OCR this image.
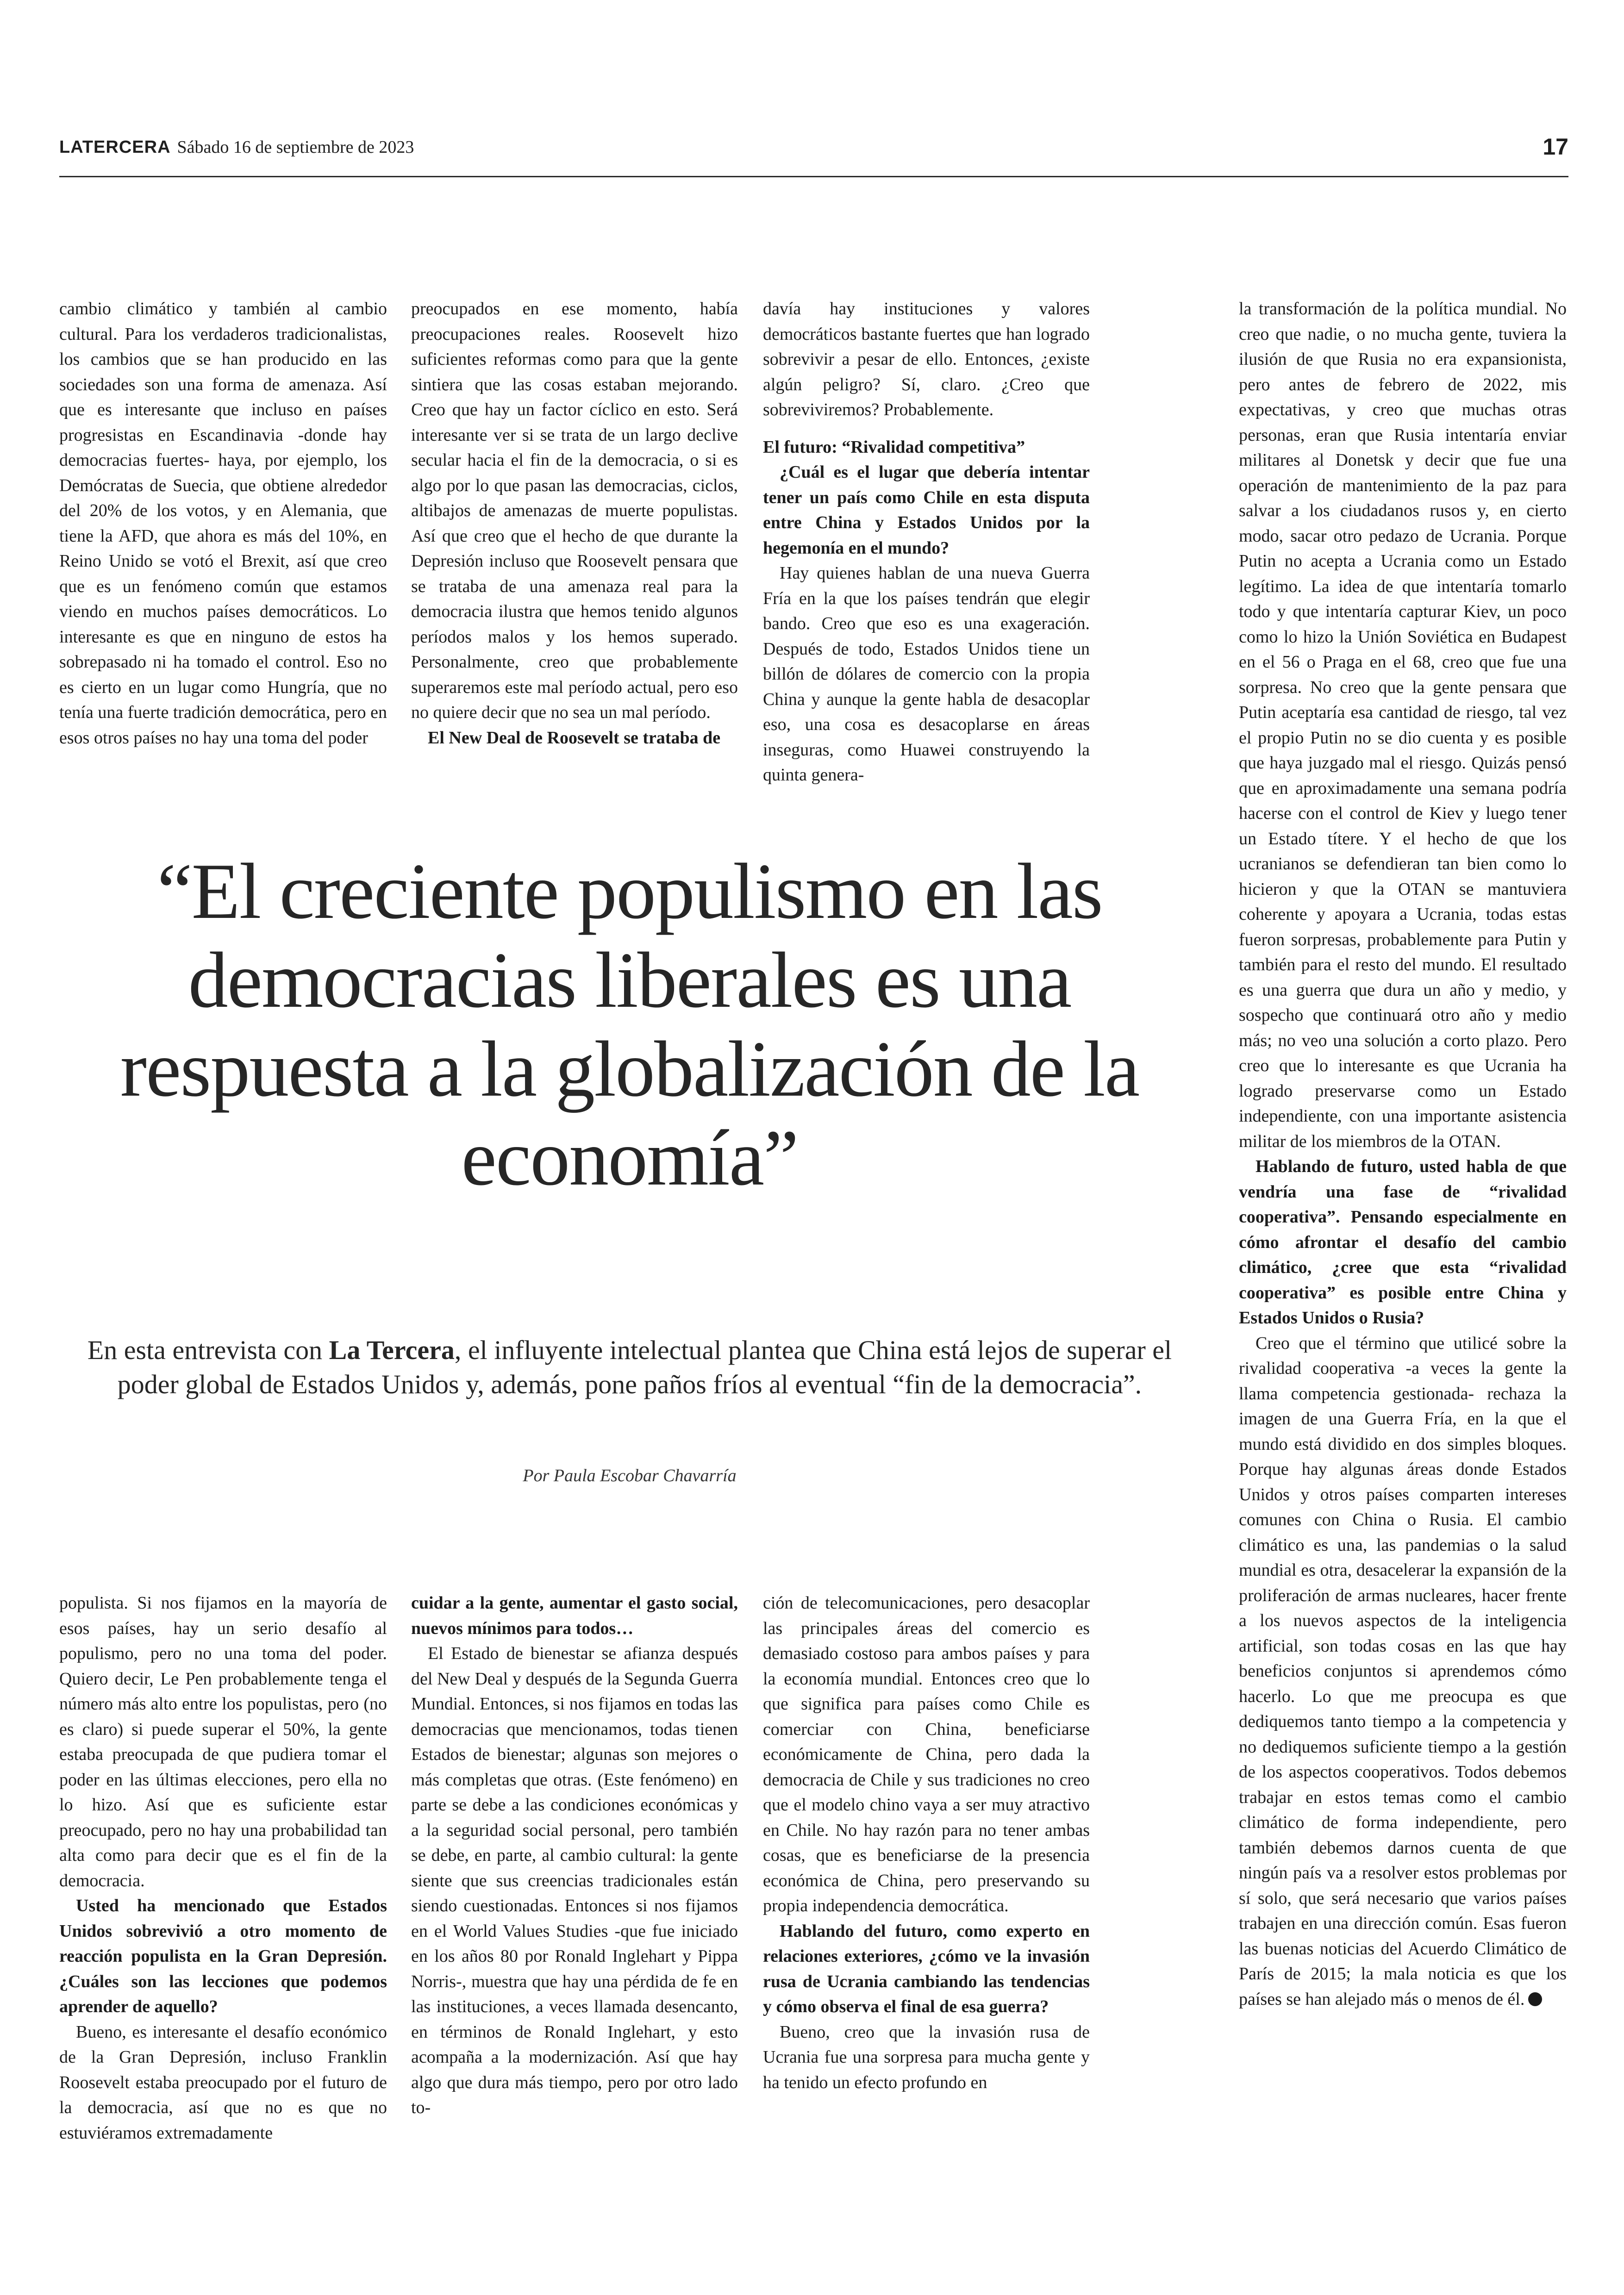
LATERCERA Sábado 16 de septiembre de 2023	17

cambio climático y también al cambio cultural. Para los verdaderos tradicionalistas, los cambios que se han producido en las sociedades son una forma de amenaza. Así que es interesante que incluso en países progresistas en Escandinavia -donde hay democracias fuertes- haya, por ejemplo, los Demócratas de Suecia, que obtiene alrededor del 20% de los votos, y en Alemania, que tiene la AFD, que ahora es más del 10%, en Reino Unido se votó el Brexit, así que creo que es un fenómeno común que estamos viendo en muchos países democráticos. Lo interesante es que en ninguno de estos ha sobrepasado ni ha tomado el control. Eso no es cierto en un lugar como Hungría, que no tenía una fuerte tradición democrática, pero en esos otros países no hay una toma del poder

preocupados en ese momento, había preocupaciones reales. Roosevelt hizo suficientes reformas como para que la gente sintiera que las cosas estaban mejorando. Creo que hay un factor cíclico en esto. Será interesante ver si se trata de un largo declive secular hacia el fin de la democracia, o si es algo por lo que pasan las democracias, ciclos, altibajos de amenazas de muerte populistas. Así que creo que el hecho de que durante la Depresión incluso que Roosevelt pensara que se trataba de una amenaza real para la democracia ilustra que hemos tenido algunos períodos malos y los hemos superado. Personalmente, creo que probablemente superaremos este mal período actual, pero eso no quiere decir que no sea un mal período.

El New Deal de Roosevelt se trataba de

davía hay instituciones y valores democráticos bastante fuertes que han logrado sobrevivir a pesar de ello. Entonces, ¿existe algún peligro? Sí, claro. ¿Creo que sobreviviremos? Probablemente.

El futuro: “Rivalidad competitiva”

¿Cuál es el lugar que debería intentar tener un país como Chile en esta disputa entre China y Estados Unidos por la hegemonía en el mundo?

Hay quienes hablan de una nueva Guerra Fría en la que los países tendrán que elegir bando. Creo que eso es una exageración. Después de todo, Estados Unidos tiene un billón de dólares de comercio con la propia China y aunque la gente habla de desacoplar eso, una cosa es desacoplarse en áreas inseguras, como Huawei construyendo la quinta genera-

la transformación de la política mundial. No creo que nadie, o no mucha gente, tuviera la ilusión de que Rusia no era expansionista, pero antes de febrero de 2022, mis expectativas, y creo que muchas otras personas, eran que Rusia intentaría enviar militares al Donetsk y decir que fue una operación de mantenimiento de la paz para salvar a los ciudadanos rusos y, en cierto modo, sacar otro pedazo de Ucrania. Porque Putin no acepta a Ucrania como un Estado legítimo. La idea de que intentaría tomarlo todo y que intentaría capturar Kiev, un poco como lo hizo la Unión Soviética en Budapest en el 56 o Praga en el 68, creo que fue una sorpresa. No creo que la gente pensara que Putin aceptaría esa cantidad de riesgo, tal vez el propio Putin no se dio cuenta y es posible que haya juzgado mal el riesgo. Quizás pensó que en aproximadamente una semana podría hacerse con el control de Kiev y luego tener un Estado títere. Y el hecho de que los ucranianos se defendieran tan bien como lo hicieron y que la OTAN se mantuviera coherente y apoyara a Ucrania, todas estas fueron sorpresas, probablemente para Putin y también para el resto del mundo. El resultado es una guerra que dura un año y medio, y sospecho que continuará otro año y medio más; no veo una solución a corto plazo. Pero creo que lo interesante es que Ucrania ha logrado preservarse como un Estado independiente, con una importante asistencia militar de los miembros de la OTAN.

Hablando de futuro, usted habla de que vendría una fase de “rivalidad cooperativa”. Pensando especialmente en cómo afrontar el desafío del cambio climático, ¿cree que esta “rivalidad cooperativa” es posible entre China y Estados Unidos o Rusia?

Creo que el término que utilicé sobre la rivalidad cooperativa -a veces la gente la llama competencia gestionada- rechaza la imagen de una Guerra Fría, en la que el mundo está dividido en dos simples bloques. Porque hay algunas áreas donde Estados Unidos y otros países comparten intereses comunes con China o Rusia. El cambio climático es una, las pandemias o la salud mundial es otra, desacelerar la expansión de la proliferación de armas nucleares, hacer frente a los nuevos aspectos de la inteligencia artificial, son todas cosas en las que hay beneficios conjuntos si aprendemos cómo hacerlo. Lo que me preocupa es que dediquemos tanto tiempo a la competencia y no dediquemos suficiente tiempo a la gestión de los aspectos cooperativos. Todos debemos trabajar en estos temas como el cambio climático de forma independiente, pero también debemos darnos cuenta de que ningún país va a resolver estos problemas por sí solo, que será necesario que varios países trabajen en una dirección común. Esas fueron las buenas noticias del Acuerdo Climático de París de 2015; la mala noticia es que los países se han alejado más o menos de él.

“El creciente populismo en las democracias liberales es una respuesta a la globalización de la economía”
En esta entrevista con La Tercera, el influyente intelectual plantea que China está lejos de superar el poder global de Estados Unidos y, además, pone paños fríos al eventual “fin de la democracia”.
Por Paula Escobar Chavarría

populista. Si nos fijamos en la mayoría de esos países, hay un serio desafío al populismo, pero no una toma del poder. Quiero decir, Le Pen probablemente tenga el número más alto entre los populistas, pero (no es claro) si puede superar el 50%, la gente estaba preocupada de que pudiera tomar el poder en las últimas elecciones, pero ella no lo hizo. Así que es suficiente estar preocupado, pero no hay una probabilidad tan alta como para decir que es el fin de la democracia.

Usted ha mencionado que Estados Unidos sobrevivió a otro momento de reacción populista en la Gran Depresión. ¿Cuáles son las lecciones que podemos aprender de aquello?

Bueno, es interesante el desafío económico de la Gran Depresión, incluso Franklin Roosevelt estaba preocupado por el futuro de la democracia, así que no es que no estuviéramos extremadamente

cuidar a la gente, aumentar el gasto social, nuevos mínimos para todos…

El Estado de bienestar se afianza después del New Deal y después de la Segunda Guerra Mundial. Entonces, si nos fijamos en todas las democracias que mencionamos, todas tienen Estados de bienestar; algunas son mejores o más completas que otras. (Este fenómeno) en parte se debe a las condiciones económicas y a la seguridad social personal, pero también se debe, en parte, al cambio cultural: la gente siente que sus creencias tradicionales están siendo cuestionadas. Entonces si nos fijamos en el World Values Studies -que fue iniciado en los años 80 por Ronald Inglehart y Pippa Norris-, muestra que hay una pérdida de fe en las instituciones, a veces llamada desencanto, en términos de Ronald Inglehart, y esto acompaña a la modernización. Así que hay algo que dura más tiempo, pero por otro lado to-

ción de telecomunicaciones, pero desacoplar las principales áreas del comercio es demasiado costoso para ambos países y para la economía mundial. Entonces creo que lo que significa para países como Chile es comerciar con China, beneficiarse económicamente de China, pero dada la democracia de Chile y sus tradiciones no creo que el modelo chino vaya a ser muy atractivo en Chile. No hay razón para no tener ambas cosas, que es beneficiarse de la presencia económica de China, pero preservando su propia independencia democrática.

Hablando del futuro, como experto en relaciones exteriores, ¿cómo ve la invasión rusa de Ucrania cambiando las tendencias y cómo observa el final de esa guerra?

Bueno, creo que la invasión rusa de Ucrania fue una sorpresa para mucha gente y ha tenido un efecto profundo en
